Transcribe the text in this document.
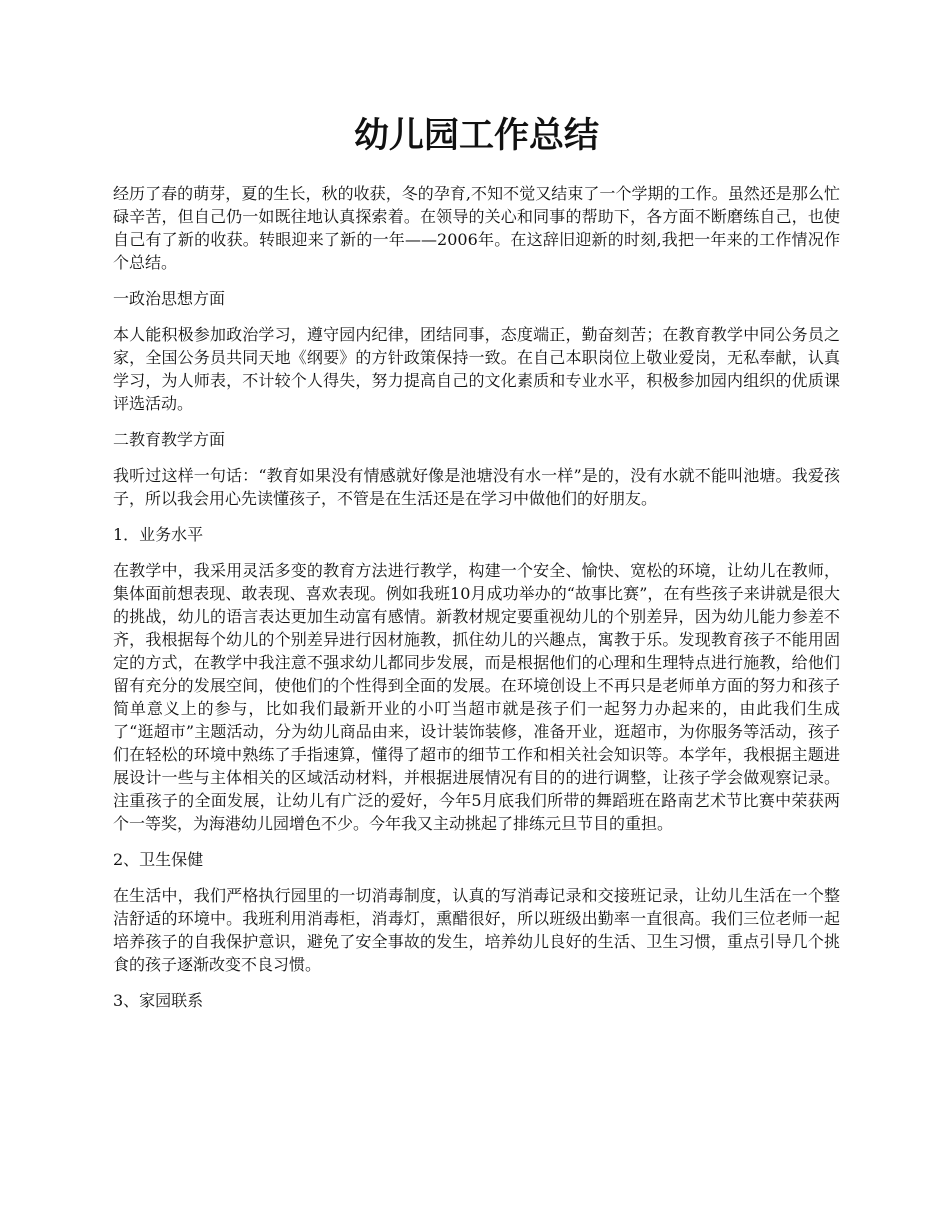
幼儿园工作总结

经历了春的萌芽，夏的生长，秋的收获，冬的孕育,不知不觉又结束了一个学期的工作。虽然还是那么忙碌辛苦，但自己仍一如既往地认真探索着。在领导的关心和同事的帮助下，各方面不断磨练自己，也使自己有了新的收获。转眼迎来了新的一年——2006年。在这辞旧迎新的时刻,我把一年来的工作情况作个总结。

一政治思想方面

本人能积极参加政治学习，遵守园内纪律，团结同事，态度端正，勤奋刻苦；在教育教学中同公务员之家，全国公务员共同天地《纲要》的方针政策保持一致。在自己本职岗位上敬业爱岗，无私奉献，认真学习，为人师表，不计较个人得失，努力提高自己的文化素质和专业水平，积极参加园内组织的优质课评选活动。

二教育教学方面

我听过这样一句话：“教育如果没有情感就好像是池塘没有水一样”是的，没有水就不能叫池塘。我爱孩子，所以我会用心先读懂孩子，不管是在生活还是在学习中做他们的好朋友。

1．业务水平

在教学中，我采用灵活多变的教育方法进行教学，构建一个安全、愉快、宽松的环境，让幼儿在教师，集体面前想表现、敢表现、喜欢表现。例如我班10月成功举办的“故事比赛”，在有些孩子来讲就是很大的挑战，幼儿的语言表达更加生动富有感情。新教材规定要重视幼儿的个别差异，因为幼儿能力参差不齐，我根据每个幼儿的个别差异进行因材施教，抓住幼儿的兴趣点，寓教于乐。发现教育孩子不能用固定的方式，在教学中我注意不强求幼儿都同步发展，而是根据他们的心理和生理特点进行施教，给他们留有充分的发展空间，使他们的个性得到全面的发展。在环境创设上不再只是老师单方面的努力和孩子简单意义上的参与，比如我们最新开业的小叮当超市就是孩子们一起努力办起来的，由此我们生成了“逛超市”主题活动，分为幼儿商品由来，设计装饰装修，准备开业，逛超市，为你服务等活动，孩子们在轻松的环境中熟练了手指速算，懂得了超市的细节工作和相关社会知识等。本学年，我根据主题进展设计一些与主体相关的区域活动材料，并根据进展情况有目的的进行调整，让孩子学会做观察记录。注重孩子的全面发展，让幼儿有广泛的爱好，今年5月底我们所带的舞蹈班在路南艺术节比赛中荣获两个一等奖，为海港幼儿园增色不少。今年我又主动挑起了排练元旦节目的重担。

2、卫生保健

在生活中，我们严格执行园里的一切消毒制度，认真的写消毒记录和交接班记录，让幼儿生活在一个整洁舒适的环境中。我班利用消毒柜，消毒灯，熏醋很好，所以班级出勤率一直很高。我们三位老师一起培养孩子的自我保护意识，避免了安全事故的发生，培养幼儿良好的生活、卫生习惯，重点引导几个挑食的孩子逐渐改变不良习惯。

3、家园联系
